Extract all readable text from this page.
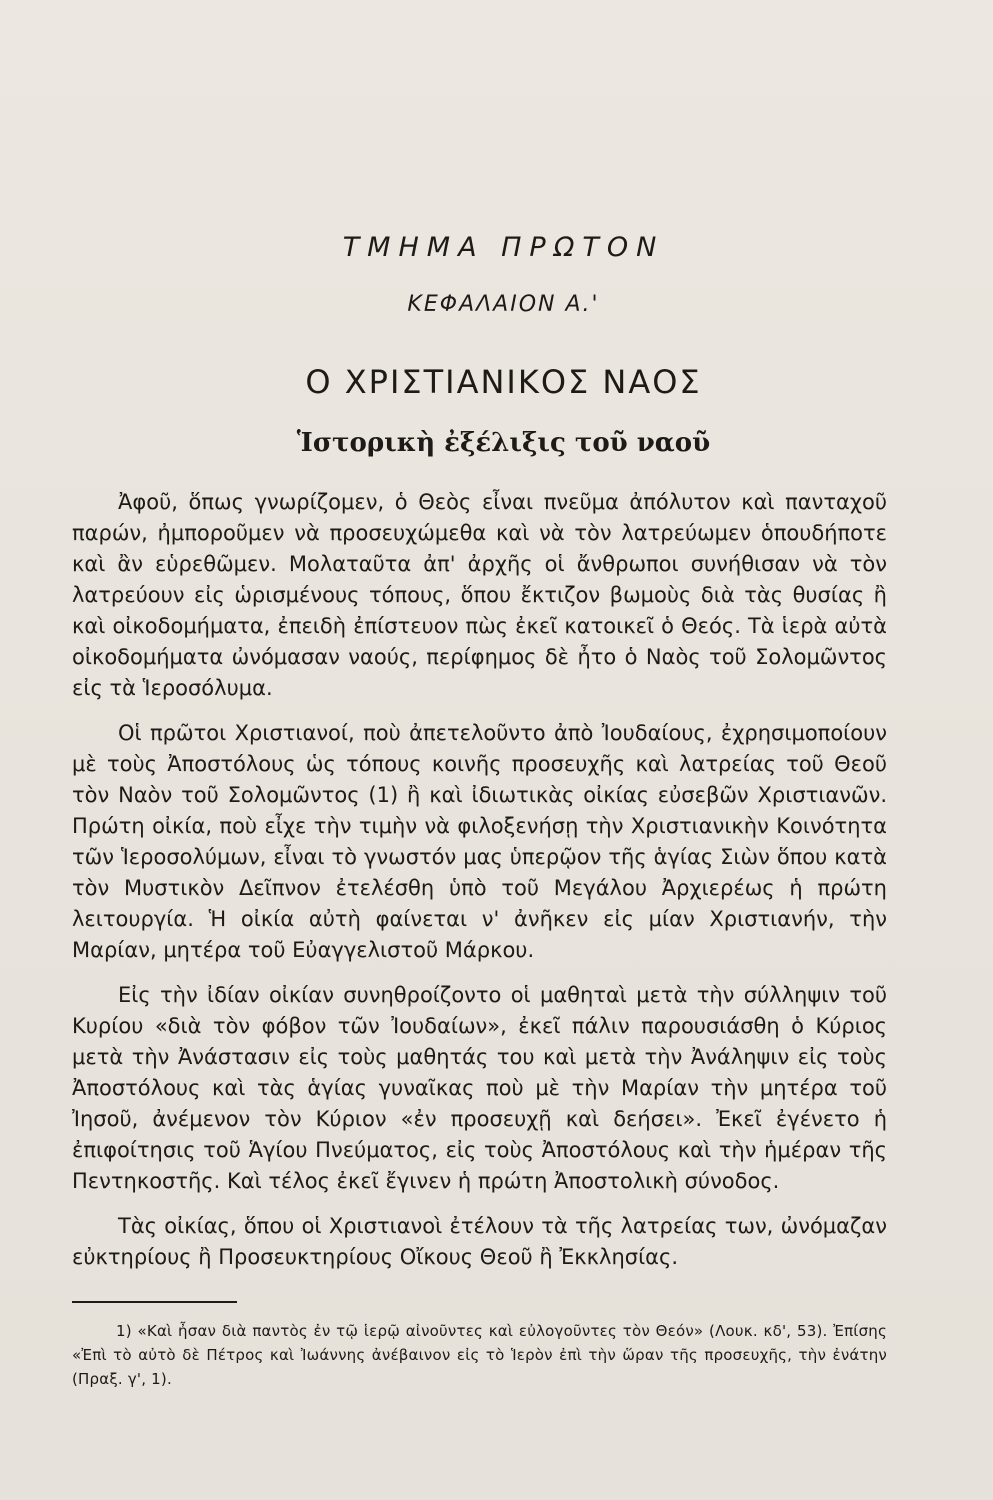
ΤΜΗΜΑ ΠΡΩΤΟΝ
ΚΕΦΑΛΑΙΟΝ Α.'
Ο ΧΡΙΣΤΙΑΝΙΚΟΣ ΝΑΟΣ
Ἱστορικὴ ἐξέλιξις τοῦ ναοῦ

Ἀφοῦ, ὅπως γνωρίζομεν, ὁ Θεὸς εἶναι πνεῦμα ἀπόλυτον καὶ πανταχοῦ παρών, ἠμποροῦμεν νὰ προσευχώμεθα καὶ νὰ τὸν λατρεύωμεν ὁπουδήποτε καὶ ἂν εὑρεθῶμεν. Μολαταῦτα ἀπ' ἀρχῆς οἱ ἄνθρωποι συνήθισαν νὰ τὸν λατρεύουν εἰς ὡρισμένους τόπους, ὅπου ἔκτιζον βωμοὺς διὰ τὰς θυσίας ἢ καὶ οἰκοδομήματα, ἐπειδὴ ἐπίστευον πὼς ἐκεῖ κατοικεῖ ὁ Θεός. Τὰ ἱερὰ αὐτὰ οἰκοδομήματα ὠνόμασαν ναούς, περίφημος δὲ ἦτο ὁ Ναὸς τοῦ Σολομῶντος εἰς τὰ Ἱεροσόλυμα.

Οἱ πρῶτοι Χριστιανοί, ποὺ ἀπετελοῦντο ἀπὸ Ἰουδαίους, ἐχρησιμοποίουν μὲ τοὺς Ἀποστόλους ὡς τόπους κοινῆς προσευχῆς καὶ λατρείας τοῦ Θεοῦ τὸν Ναὸν τοῦ Σολομῶντος (1) ἢ καὶ ἰδιωτικὰς οἰκίας εὐσεβῶν Χριστιανῶν. Πρώτη οἰκία, ποὺ εἶχε τὴν τιμὴν νὰ φιλοξενήσῃ τὴν Χριστιανικὴν Κοινότητα τῶν Ἱεροσολύμων, εἶναι τὸ γνωστόν μας ὑπερῷον τῆς ἁγίας Σιὼν ὅπου κατὰ τὸν Μυστικὸν Δεῖπνον ἐτελέσθη ὑπὸ τοῦ Μεγάλου Ἀρχιερέως ἡ πρώτη λειτουργία. Ἡ οἰκία αὐτὴ φαίνεται ν' ἀνῆκεν εἰς μίαν Χριστιανήν, τὴν Μαρίαν, μητέρα τοῦ Εὐαγγελιστοῦ Μάρκου.

Εἰς τὴν ἰδίαν οἰκίαν συνηθροίζοντο οἱ μαθηταὶ μετὰ τὴν σύλληψιν τοῦ Κυρίου «διὰ τὸν φόβον τῶν Ἰουδαίων», ἐκεῖ πάλιν παρουσιάσθη ὁ Κύριος μετὰ τὴν Ἀνάστασιν εἰς τοὺς μαθητάς του καὶ μετὰ τὴν Ἀνάληψιν εἰς τοὺς Ἀποστόλους καὶ τὰς ἁγίας γυναῖκας ποὺ μὲ τὴν Μαρίαν τὴν μητέρα τοῦ Ἰησοῦ, ἀνέμενον τὸν Κύριον «ἐν προσευχῇ καὶ δεήσει». Ἐκεῖ ἐγένετο ἡ ἐπιφοίτησις τοῦ Ἁγίου Πνεύματος, εἰς τοὺς Ἀποστόλους καὶ τὴν ἡμέραν τῆς Πεντηκοστῆς. Καὶ τέλος ἐκεῖ ἔγινεν ἡ πρώτη Ἀποστολικὴ σύνοδος.

Τὰς οἰκίας, ὅπου οἱ Χριστιανοὶ ἐτέλουν τὰ τῆς λατρείας των, ὠνόμαζαν εὐκτηρίους ἢ Προσευκτηρίους Οἴκους Θεοῦ ἢ Ἐκκλησίας.

1) «Καὶ ἦσαν διὰ παντὸς ἐν τῷ ἱερῷ αἰνοῦντες καὶ εὐλογοῦντες τὸν Θεόν» (Λουκ. κδ', 53). Ἐπίσης «Ἐπὶ τὸ αὐτὸ δὲ Πέτρος καὶ Ἰωάννης ἀνέβαινον εἰς τὸ Ἱερὸν ἐπὶ τὴν ὥραν τῆς προσευχῆς, τὴν ἐνάτην (Πραξ. γ', 1).
